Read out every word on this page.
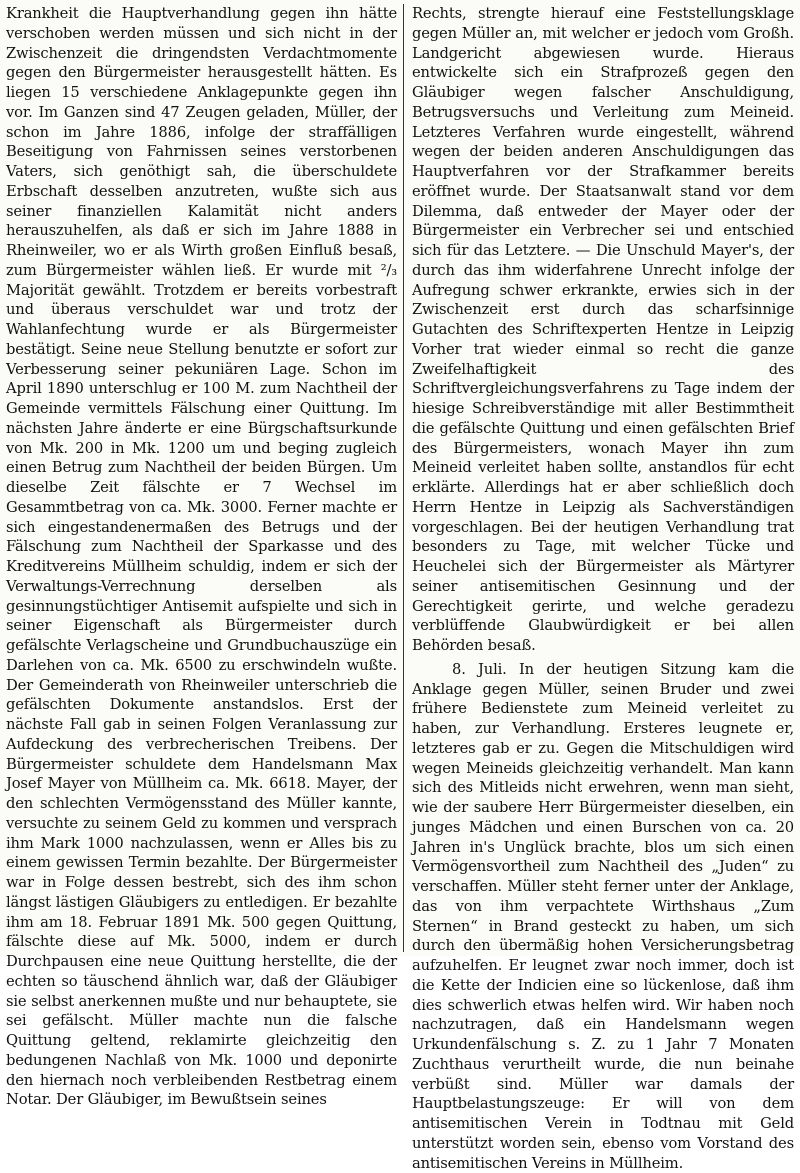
Krankheit die Hauptverhandlung gegen ihn hätte verschoben werden müssen und sich nicht in der Zwischenzeit die dringendsten Verdachtmomente gegen den Bürgermeister herausgestellt hätten. Es liegen 15 verschiedene Anklagepunkte gegen ihn vor. Im Ganzen sind 47 Zeugen geladen, Müller, der schon im Jahre 1886, infolge der straffälligen Beseitigung von Fahrnissen seines verstorbenen Vaters, sich genöthigt sah, die überschuldete Erbschaft desselben anzutreten, wußte sich aus seiner finanziellen Kalamität nicht anders herauszuhelfen, als daß er sich im Jahre 1888 in Rheinweiler, wo er als Wirth großen Einfluß besaß, zum Bürgermeister wählen ließ. Er wurde mit ²/₃ Majorität gewählt. Trotzdem er bereits vorbestraft und überaus verschuldet war und trotz der Wahlanfechtung wurde er als Bürgermeister bestätigt. Seine neue Stellung benutzte er sofort zur Verbesserung seiner pekuniären Lage. Schon im April 1890 unterschlug er 100 M. zum Nachtheil der Gemeinde vermittels Fälschung einer Quittung. Im nächsten Jahre änderte er eine Bürgschaftsurkunde von Mk. 200 in Mk. 1200 um und beging zugleich einen Betrug zum Nachtheil der beiden Bürgen. Um dieselbe Zeit fälschte er 7 Wechsel im Gesammtbetrag von ca. Mk. 3000. Ferner machte er sich eingestandenermaßen des Betrugs und der Fälschung zum Nachtheil der Sparkasse und des Kreditvereins Müllheim schuldig, indem er sich der Verwaltungs-Verrechnung derselben als gesinnungstüchtiger Antisemit aufspielte und sich in seiner Eigenschaft als Bürgermeister durch gefälschte Verlagscheine und Grundbuchauszüge ein Darlehen von ca. Mk. 6500 zu erschwindeln wußte. Der Gemeinderath von Rheinweiler unterschrieb die gefälschten Dokumente anstandslos. Erst der nächste Fall gab in seinen Folgen Veranlassung zur Aufdeckung des verbrecherischen Treibens. Der Bürgermeister schuldete dem Handelsmann Max Josef Mayer von Müllheim ca. Mk. 6618. Mayer, der den schlechten Vermögensstand des Müller kannte, versuchte zu seinem Geld zu kommen und versprach ihm Mark 1000 nachzulassen, wenn er Alles bis zu einem gewissen Termin bezahlte. Der Bürgermeister war in Folge dessen bestrebt, sich des ihm schon längst lästigen Gläubigers zu entledigen. Er bezahlte ihm am 18. Februar 1891 Mk. 500 gegen Quittung, fälschte diese auf Mk. 5000, indem er durch Durchpausen eine neue Quittung herstellte, die der echten so täuschend ähnlich war, daß der Gläubiger sie selbst anerkennen mußte und nur behauptete, sie sei gefälscht. Müller machte nun die falsche Quittung geltend, reklamirte gleichzeitig den bedungenen Nachlaß von Mk. 1000 und deponirte den hiernach noch verbleibenden Restbetrag einem Notar. Der Gläubiger, im Bewußtsein seines

Rechts, strengte hierauf eine Feststellungsklage gegen Müller an, mit welcher er jedoch vom Großh. Landgericht abgewiesen wurde. Hieraus entwickelte sich ein Strafprozeß gegen den Gläubiger wegen falscher Anschuldigung, Betrugsversuchs und Verleitung zum Meineid. Letzteres Verfahren wurde eingestellt, während wegen der beiden anderen Anschuldigungen das Hauptverfahren vor der Strafkammer bereits eröffnet wurde. Der Staatsanwalt stand vor dem Dilemma, daß entweder der Mayer oder der Bürgermeister ein Verbrecher sei und entschied sich für das Letztere. — Die Unschuld Mayer's, der durch das ihm widerfahrene Unrecht infolge der Aufregung schwer erkrankte, erwies sich in der Zwischenzeit erst durch das scharfsinnige Gutachten des Schriftexperten Hentze in Leipzig Vorher trat wieder einmal so recht die ganze Zweifelhaftigkeit des Schriftvergleichungsverfahrens zu Tage indem der hiesige Schreibverständige mit aller Bestimmtheit die gefälschte Quittung und einen gefälschten Brief des Bürgermeisters, wonach Mayer ihn zum Meineid verleitet haben sollte, anstandlos für echt erklärte. Allerdings hat er aber schließlich doch Herrn Hentze in Leipzig als Sachverständigen vorgeschlagen. Bei der heutigen Verhandlung trat besonders zu Tage, mit welcher Tücke und Heuchelei sich der Bürgermeister als Märtyrer seiner antisemitischen Gesinnung und der Gerechtigkeit gerirte, und welche geradezu verblüffende Glaubwürdigkeit er bei allen Behörden besaß.

8. Juli. In der heutigen Sitzung kam die Anklage gegen Müller, seinen Bruder und zwei frühere Bedienstete zum Meineid verleitet zu haben, zur Verhandlung. Ersteres leugnete er, letzteres gab er zu. Gegen die Mitschuldigen wird wegen Meineids gleichzeitig verhandelt. Man kann sich des Mitleids nicht erwehren, wenn man sieht, wie der saubere Herr Bürgermeister dieselben, ein junges Mädchen und einen Burschen von ca. 20 Jahren in's Unglück brachte, blos um sich einen Vermögensvortheil zum Nachtheil des „Juden“ zu verschaffen. Müller steht ferner unter der Anklage, das von ihm verpachtete Wirthshaus „Zum Sternen“ in Brand gesteckt zu haben, um sich durch den übermäßig hohen Versicherungsbetrag aufzuhelfen. Er leugnet zwar noch immer, doch ist die Kette der Indicien eine so lückenlose, daß ihm dies schwerlich etwas helfen wird. Wir haben noch nachzutragen, daß ein Handelsmann wegen Urkundenfälschung s. Z. zu 1 Jahr 7 Monaten Zuchthaus verurtheilt wurde, die nun beinahe verbüßt sind. Müller war damals der Hauptbelastungszeuge: Er will von dem antisemitischen Verein in Todtnau mit Geld unterstützt worden sein, ebenso vom Vorstand des antisemitischen Vereins in Müllheim.
